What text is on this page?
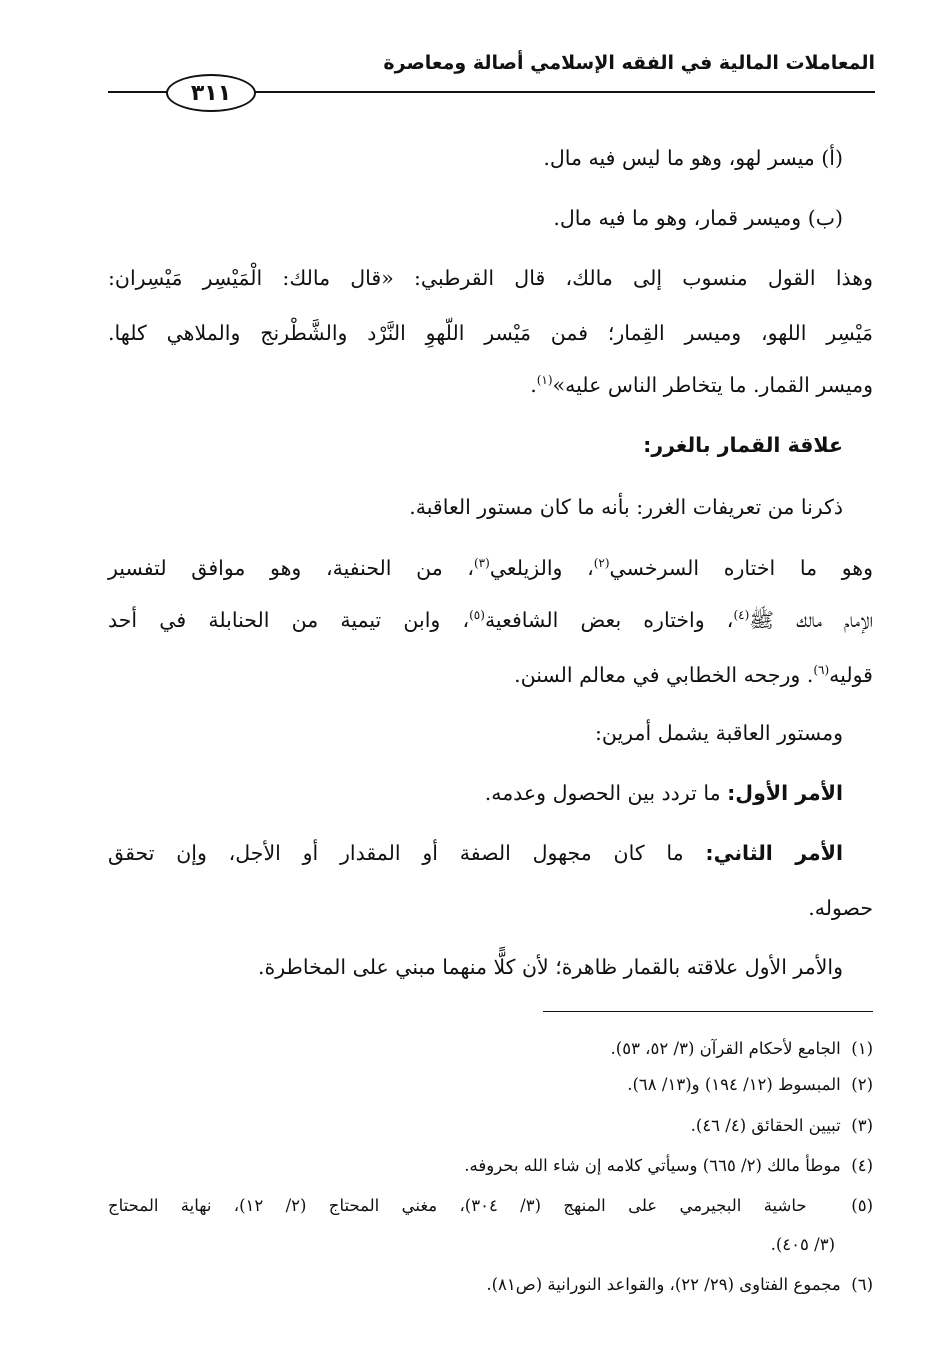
المعاملات المالية في الفقه الإسلامي أصالة ومعاصرة
٣١١
(أ) ميسر لهو، وهو ما ليس فيه مال.
(ب) وميسر قمار، وهو ما فيه مال.
وهذا القول منسوب إلى مالك، قال القرطبي: «قال مالك: الْمَيْسِر مَيْسِران:
مَيْسِر اللهو، وميسر القِمار؛ فمن مَيْسر اللّهوِ النَّرْد والشَّطْرنج والملاهي كلها.
وميسر القمار. ما يتخاطر الناس عليه»$^{(١)}$.
علاقة القمار بالغرر:
ذكرنا من تعريفات الغرر: بأنه ما كان مستور العاقبة.
وهو ما اختاره السرخسي$^{(٢)}$، والزيلعي$^{(٣)}$، من الحنفية، وهو موافق لتفسير
الإمام مالك ﷺ$^{(٤)}$، واختاره بعض الشافعية$^{(٥)}$، وابن تيمية من الحنابلة في أحد
قوليه$^{(٦)}$. ورجحه الخطابي في معالم السنن.
ومستور العاقبة يشمل أمرين:
الأمر الأول: ما تردد بين الحصول وعدمه.
الأمر الثاني: ما كان مجهول الصفة أو المقدار أو الأجل، وإن تحقق
حصوله.
والأمر الأول علاقته بالقمار ظاهرة؛ لأن كلًّا منهما مبني على المخاطرة.
(١)  الجامع لأحكام القرآن (٣/ ٥٢، ٥٣).
(٢)  المبسوط (١٢/ ١٩٤) و(١٣/ ٦٨).
(٣)  تبيين الحقائق (٤/ ٤٦).
(٤)  موطأ مالك (٢/ ٦٦٥) وسيأتي كلامه إن شاء الله بحروفه.
(٥)  حاشية البجيرمي على المنهج (٣/ ٣٠٤)، مغني المحتاج (٢/ ١٢)، نهاية المحتاج
(٣/ ٤٠٥).
(٦)  مجموع الفتاوى (٢٩/ ٢٢)، والقواعد النورانية (ص٨١).
